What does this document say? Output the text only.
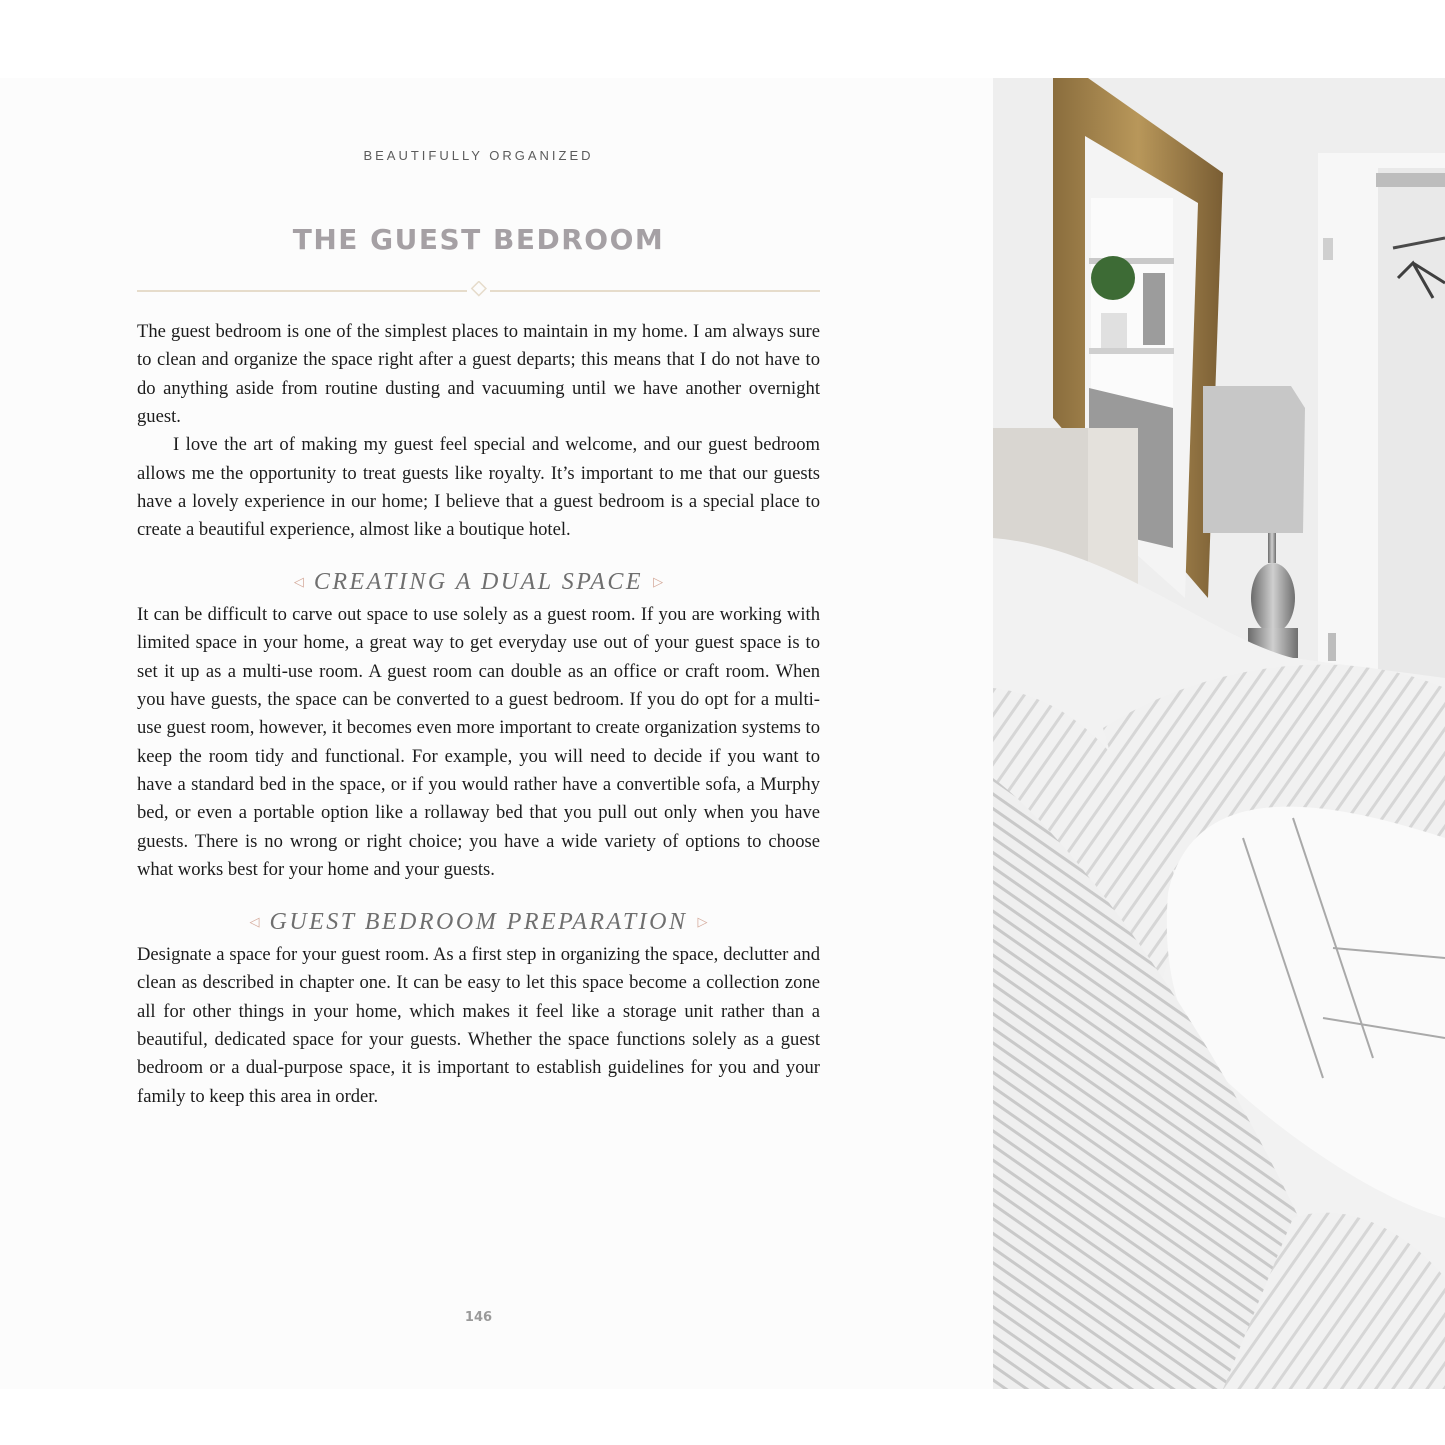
BEAUTIFULLY ORGANIZED
THE GUEST BEDROOM

The guest bedroom is one of the simplest places to maintain in my home. I am always sure to clean and organize the space right after a guest departs; this means that I do not have to do anything aside from routine dusting and vacuuming until we have another overnight guest.

I love the art of making my guest feel special and welcome, and our guest bedroom allows me the opportunity to treat guests like royalty. It’s important to me that our guests have a lovely experience in our home; I believe that a guest bedroom is a special place to create a beautiful experience, almost like a boutique hotel.

◁ CREATING A DUAL SPACE ▷
It can be difficult to carve out space to use solely as a guest room. If you are working with limited space in your home, a great way to get everyday use out of your guest space is to set it up as a multi-use room. A guest room can double as an office or craft room. When you have guests, the space can be converted to a guest bedroom. If you do opt for a multi-use guest room, however, it becomes even more important to create organization systems to keep the room tidy and functional. For example, you will need to decide if you want to have a standard bed in the space, or if you would rather have a convertible sofa, a Murphy bed, or even a portable option like a rollaway bed that you pull out only when you have guests. There is no wrong or right choice; you have a wide variety of options to choose what works best for your home and your guests.
◁ GUEST BEDROOM PREPARATION ▷
Designate a space for your guest room. As a first step in organizing the space, declutter and clean as described in chapter one. It can be easy to let this space become a collection zone all for other things in your home, which makes it feel like a storage unit rather than a beautiful, dedicated space for your guests. Whether the space functions solely as a guest bedroom or a dual-purpose space, it is important to establish guidelines for you and your family to keep this area in order.
146
